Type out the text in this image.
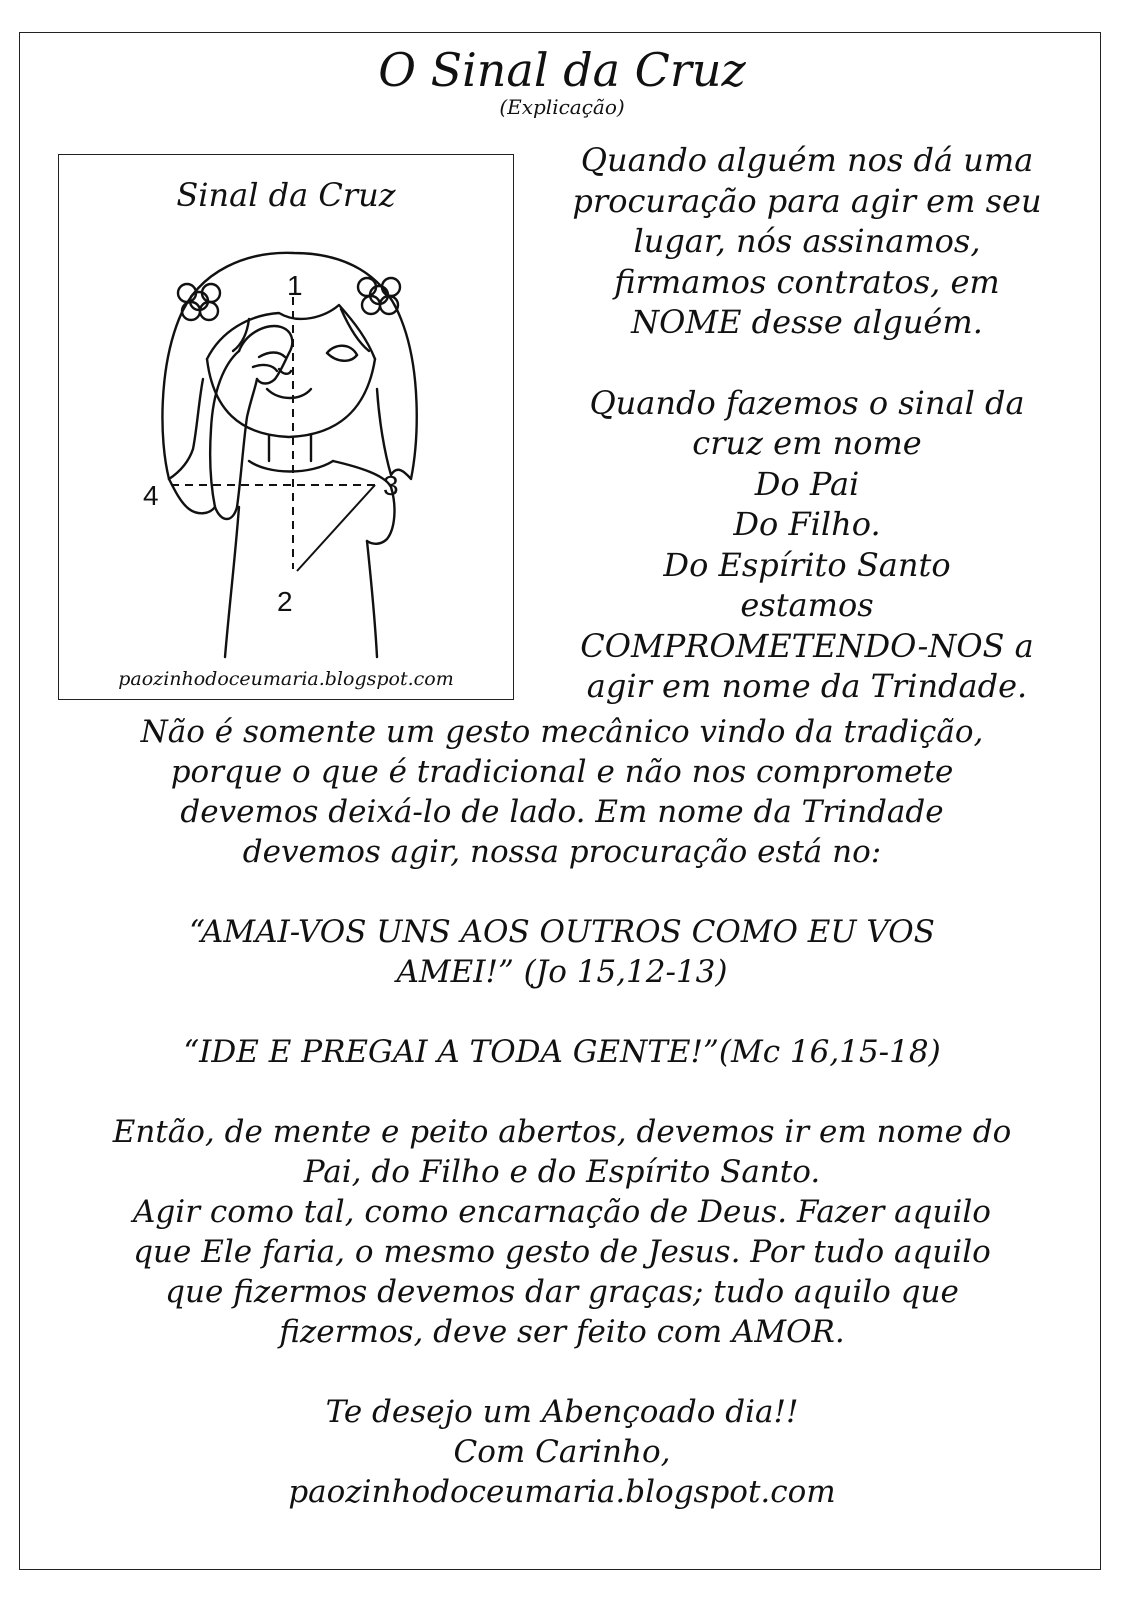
O Sinal da Cruz
(Explicação)
Sinal da Cruz
1
2
3
4
paozinhodoceumaria.blogspot.com

Quando alguém nos dá uma

procuração para agir em seu

lugar, nós assinamos,

firmamos contratos, em

NOME desse alguém.

Quando fazemos o sinal da

cruz em nome

Do Pai

Do Filho.

Do Espírito Santo

estamos

COMPROMETENDO-NOS a

agir em nome da Trindade.

Não é somente um gesto mecânico vindo da tradição,

porque o que é tradicional e não nos compromete

devemos deixá-lo de lado. Em nome da Trindade

devemos agir, nossa procuração está no:

“AMAI-VOS UNS AOS OUTROS COMO EU VOS

AMEI!” (Jo 15,12-13)

“IDE E PREGAI A TODA GENTE!”(Mc 16,15-18)

Então, de mente e peito abertos, devemos ir em nome do

Pai, do Filho e do Espírito Santo.

Agir como tal, como encarnação de Deus. Fazer aquilo

que Ele faria, o mesmo gesto de Jesus. Por tudo aquilo

que fizermos devemos dar graças; tudo aquilo que

fizermos, deve ser feito com AMOR.

Te desejo um Abençoado dia!!

Com Carinho,

paozinhodoceumaria.blogspot.com
